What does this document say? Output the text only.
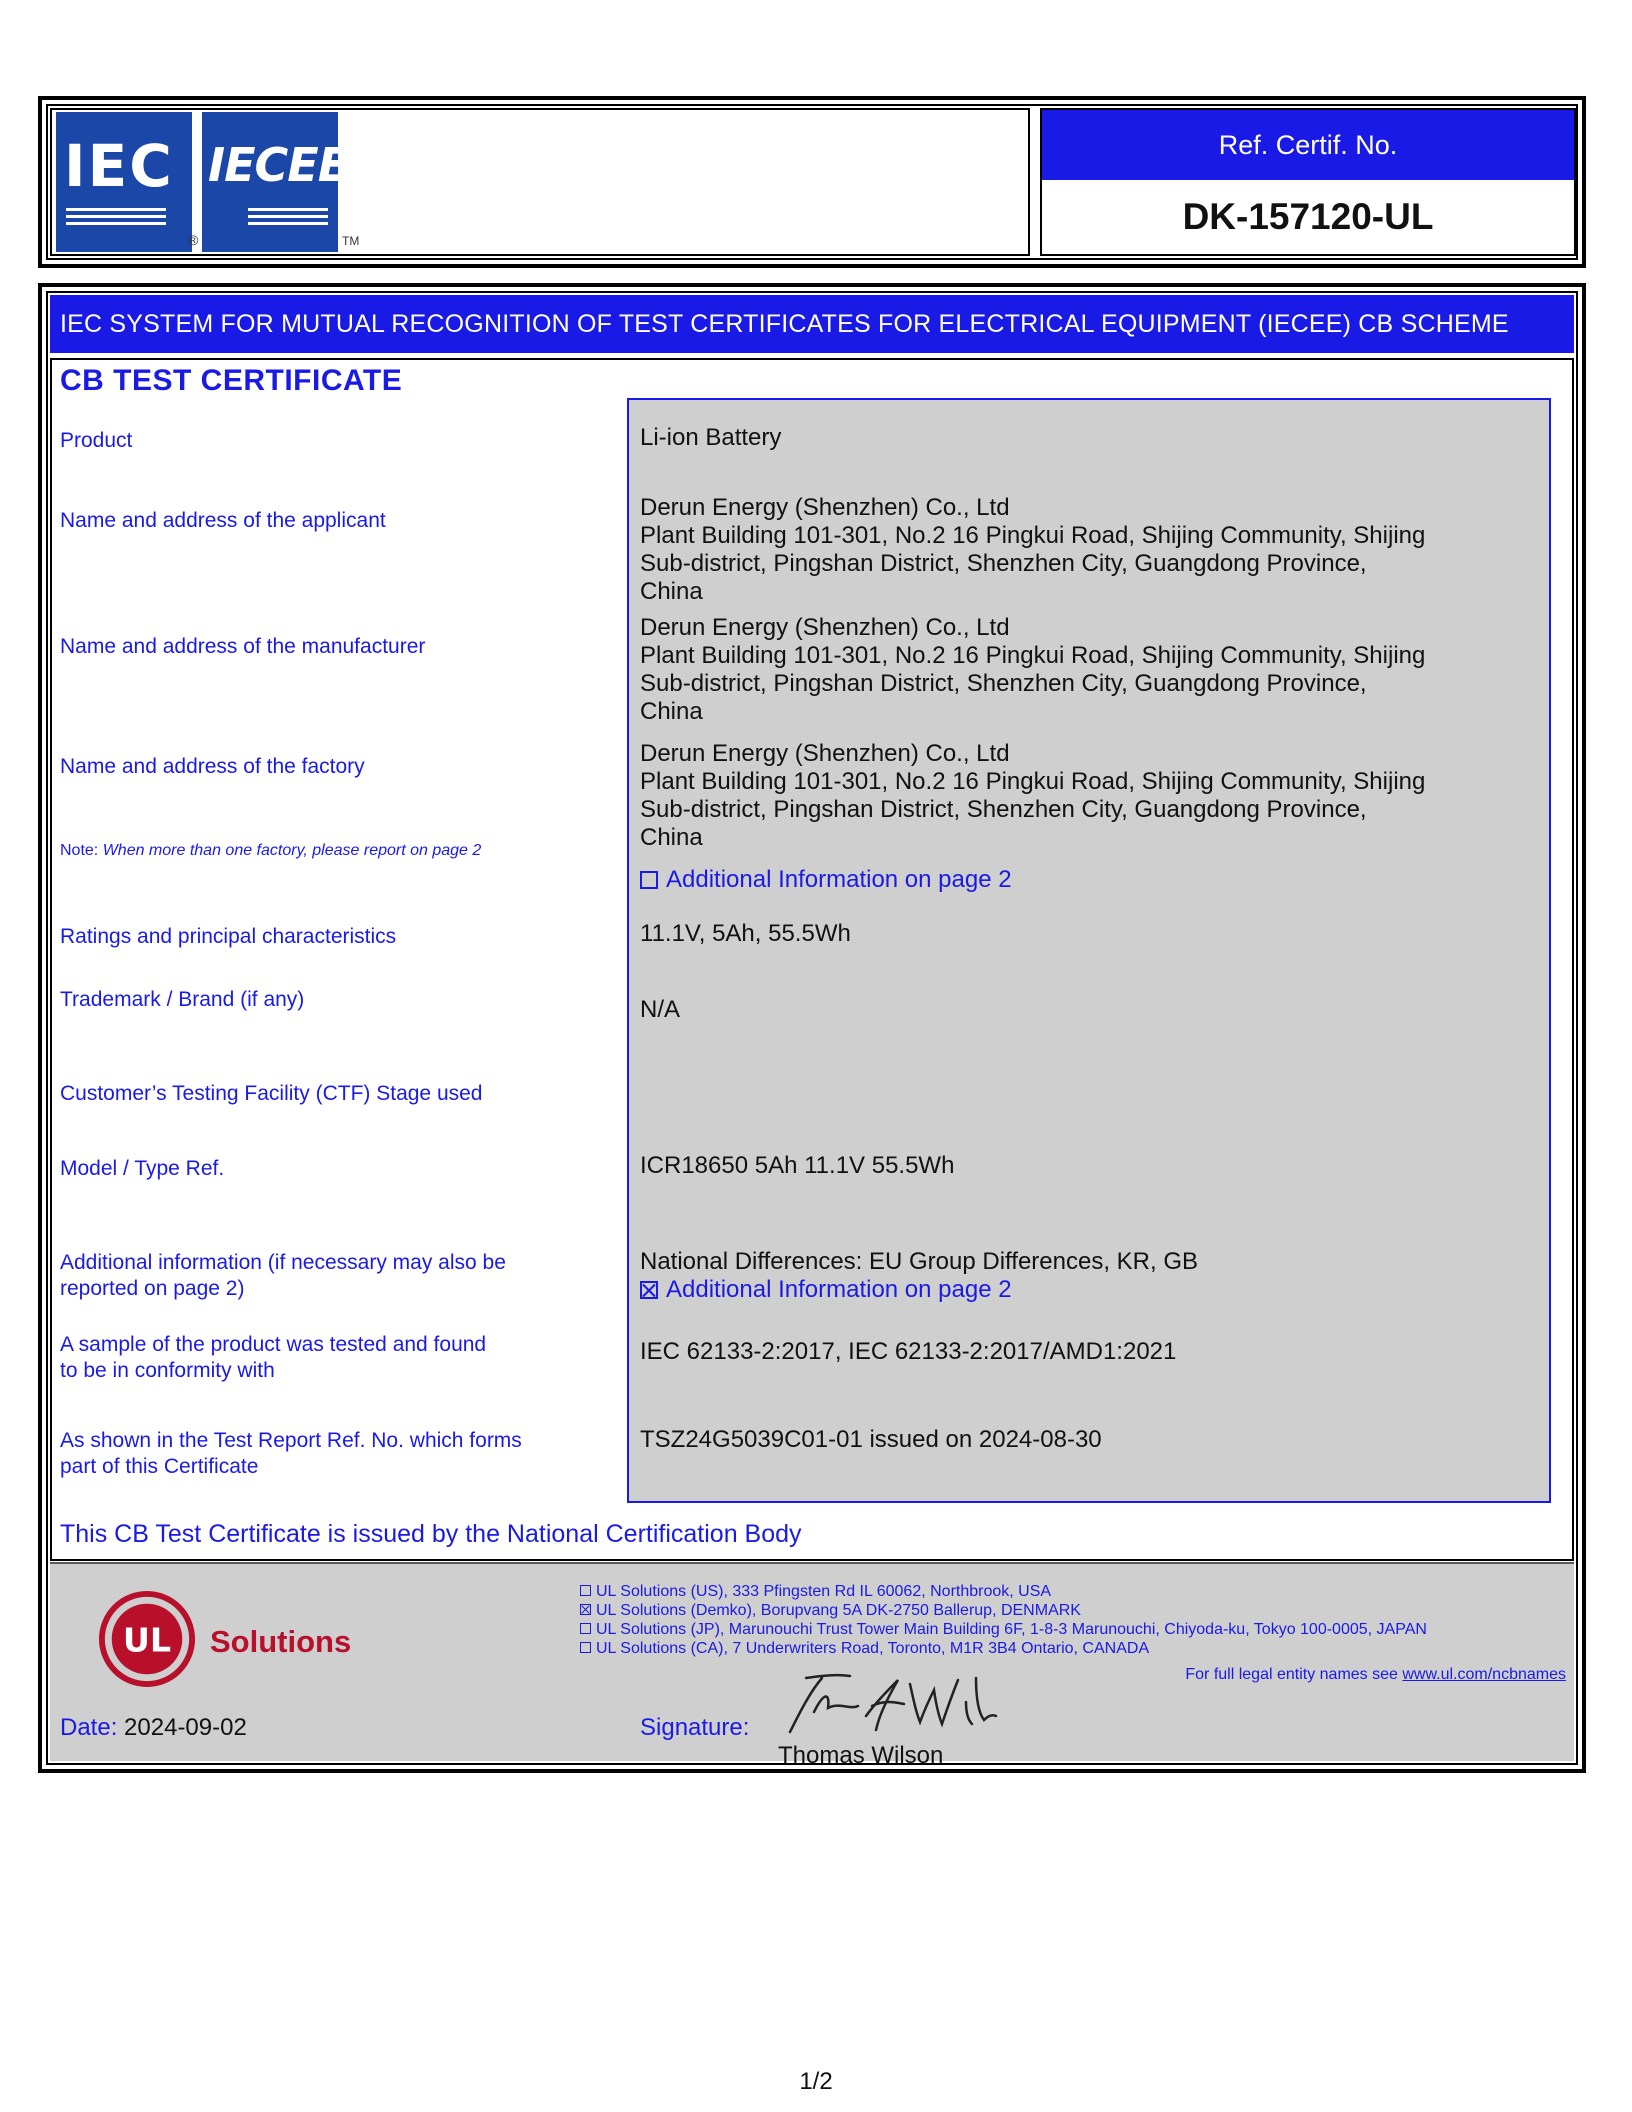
IEC IECEE
®	TM
Ref. Certif. No.
DK-157120-UL
IEC SYSTEM FOR MUTUAL RECOGNITION OF TEST CERTIFICATES FOR ELECTRICAL EQUIPMENT (IECEE) CB SCHEME
CB TEST CERTIFICATE
Product
Name and address of the applicant
Name and address of the manufacturer
Name and address of the factory
Note: When more than one factory, please report on page 2
Ratings and principal characteristics
Trademark / Brand (if any)
Customer’s Testing Facility (CTF) Stage used
Model / Type Ref.
Additional information (if necessary may also be
reported on page 2)
A sample of the product was tested and found
to be in conformity with
As shown in the Test Report Ref. No. which forms
part of this Certificate
Li-ion Battery
Derun Energy (Shenzhen) Co., Ltd
Plant Building 101-301, No.2 16 Pingkui Road, Shijing Community, Shijing
Sub-district, Pingshan District, Shenzhen City, Guangdong Province,
China
Derun Energy (Shenzhen) Co., Ltd
Plant Building 101-301, No.2 16 Pingkui Road, Shijing Community, Shijing
Sub-district, Pingshan District, Shenzhen City, Guangdong Province,
China
Derun Energy (Shenzhen) Co., Ltd
Plant Building 101-301, No.2 16 Pingkui Road, Shijing Community, Shijing
Sub-district, Pingshan District, Shenzhen City, Guangdong Province,
China
Additional Information on page 2
11.1V, 5Ah, 55.5Wh
N/A
ICR18650 5Ah 11.1V 55.5Wh
National Differences: EU Group Differences, KR, GB
Additional Information on page 2
IEC 62133-2:2017, IEC 62133-2:2017/AMD1:2021
TSZ24G5039C01-01 issued on 2024-08-30
This CB Test Certificate is issued by the National Certification Body
UL Solutions
UL Solutions (US), 333 Pfingsten Rd IL 60062, Northbrook, USA
UL Solutions (Demko), Borupvang 5A DK-2750 Ballerup, DENMARK
UL Solutions (JP), Marunouchi Trust Tower Main Building 6F, 1-8-3 Marunouchi, Chiyoda-ku, Tokyo 100-0005, JAPAN
UL Solutions (CA), 7 Underwriters Road, Toronto, M1R 3B4 Ontario, CANADA
For full legal entity names see www.ul.com/ncbnames
Date: 2024-09-02	Signature:
Thomas Wilson
1/2
